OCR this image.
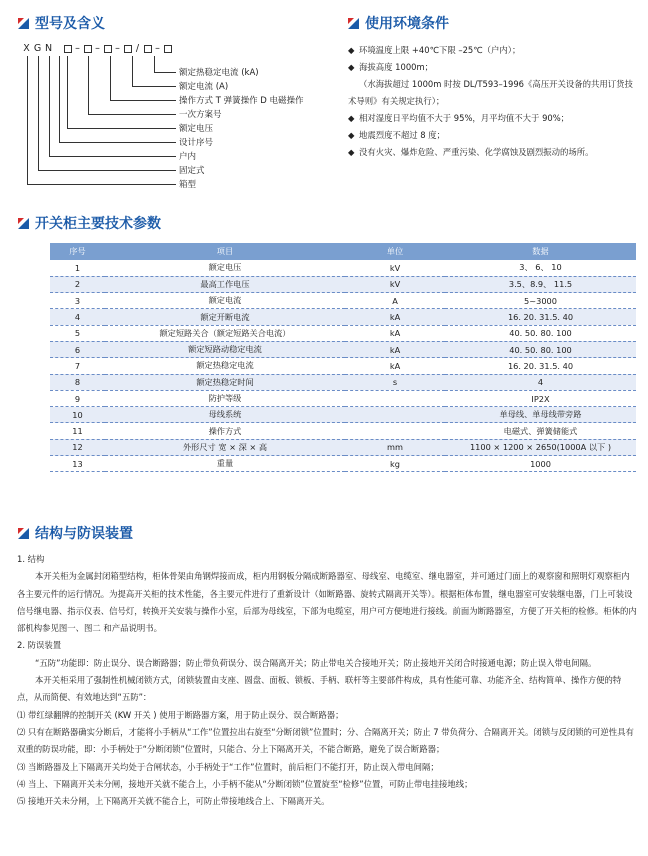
型号及含义	使用环境条件
开关柜主要技术参数
结构与防误装置
X G N – – –	/	–
额定热稳定电流 (kA)
额定电流 (A)
操作方式 T 弹簧操作 D 电磁操作
一次方案号
额定电压
设计序号
户内
固定式
箱型
◆ 环境温度上限 +40℃下限 –25℃（户内）；
◆ 海拔高度 1000m；
（水海拔超过 1000m 时按 DL/T593–1996《高压开关设备的共用订货技术导则》有关规定执行）；
◆ 相对湿度日平均值不大于 95%，月平均值不大于 90%；
◆ 地震烈度不超过 8 度；
◆ 没有火灾、爆炸危险、严重污染、化学腐蚀及剧烈振动的场所。
序号	项目	单位	数据
1	额定电压	kV	3、 6、 10
2	最高工作电压	kV	3.5、8.9、 11.5
3	额定电流	A	5~3000
4	额定开断电流	kA	16. 20. 31.5. 40
5	额定短路关合（额定短路关合电流）	kA	40. 50. 80. 100
6	额定短路动稳定电流	kA	40. 50. 80. 100
7	额定热稳定电流	kA	16. 20. 31.5. 40
8	额定热稳定时间	s	4
9	防护等级		IP2X
10	母线系统		单母线、单母线带旁路
11	操作方式		电磁式、弹簧储能式
12	外形尺寸 宽 × 深 × 高	mm	1100 × 1200 × 2650(1000A 以下 )
13	重量	kg	1000

1. 结构

本开关柜为金属封闭箱型结构，柜体骨架由角钢焊接而成，柜内用钢板分隔成断路器室、母线室、电缆室、继电器室，并可通过门面上的观察窗和照明灯观察柜内各主要元件的运行情况。为提高开关柜的技术性能，各主要元件进行了重新设计（如断路器、旋转式隔离开关等）。根据柜体布置，继电器室可安装继电器，门上可装设信号继电器、指示仪表、信号灯，转换开关安装与操作小室，后部为母线室，下部为电缆室，用户可方便地进行接线。前面为断路器室，方便了开关柜的检修。柜体的内部机构参见图一、图二 和产品说明书。

2. 防误装置

“五防”功能即：防止误分、误合断路器；防止带负荷误分、误合隔离开关；防止带电关合接地开关；防止接地开关闭合时接通电源；防止误入带电间隔。

本开关柜采用了强制性机械闭锁方式，闭锁装置由支座、圆盘、面板、锁板、手柄、联杆等主要部件构成，具有性能可靠、功能齐全、结构简单、操作方便的特点，从而简便、有效地达到“五防”：

⑴ 带红绿翻牌的控制开关 (KW 开关 ) 使用于断路器方案，用于防止误分、误合断路器；

⑵ 只有在断路器确实分断后，才能将小手柄从“工作”位置拉出右旋至“分断闭锁”位置时；分、合隔离开关；防止 7 带负荷分、合隔离开关。闭锁与反闭锁的可逆性具有双重的防误功能，即：小手柄处于“分断闭锁”位置时，只能合、分上下隔离开关，不能合断路，避免了误合断路器；

⑶ 当断路器及上下隔离开关均处于合闸状态，小手柄处于“工作”位置时，前后柜门不能打开，防止误入带电间隔；

⑷ 当上、下隔离开关未分闸，接地开关就不能合上，小手柄不能从“分断闭锁”位置旋至“检修”位置，可防止带电挂接地线；

⑸ 接地开关未分闸，上下隔离开关就不能合上，可防止带接地线合上、下隔离开关。
